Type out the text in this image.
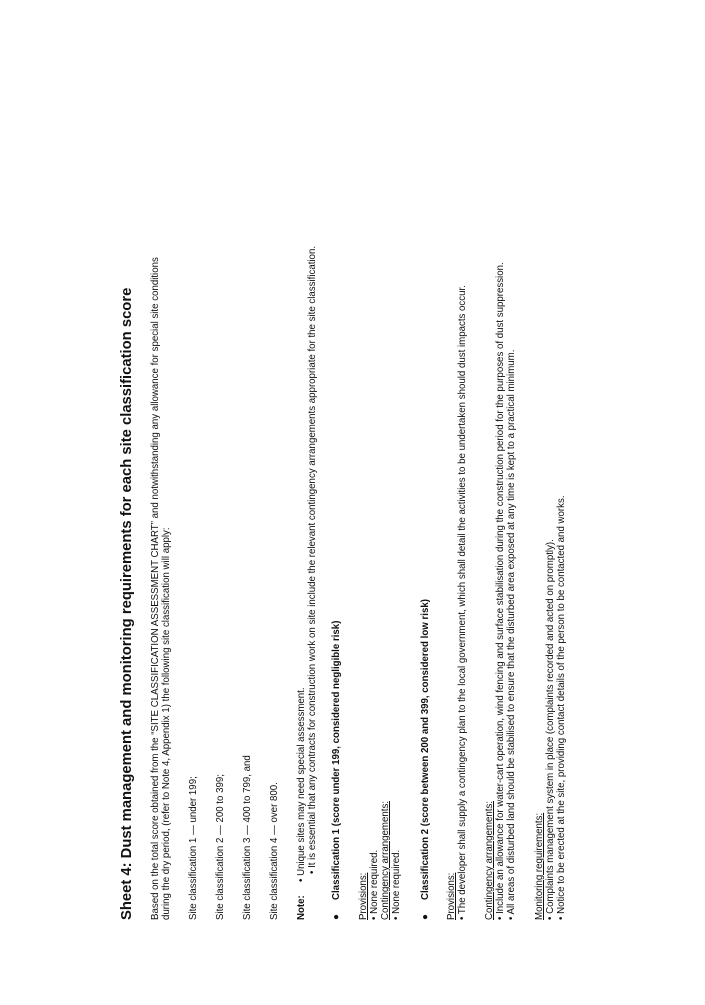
Sheet 4: Dust management and monitoring requirements for each site classification score Based on the total score obtained from the “SITE CLASSIFICATION ASSESSMENT CHART” and notwithstanding any allowance for special site conditions during the dry period, (refer to Note 4, Appendix 1) the following site classification will apply: Site classification 1 — under 199; Site classification 2 — 200 to 399; Site classification 3 — 400 to 799, and Site classification 4 — over 800. Note:
• Unique sites may need special assessment. • It is essential that any contracts for construction work on site include the relevant contingency arrangements appropriate for the site classification.
●
Classification 1 (score under 199, considered negligible risk) Provisions: • None required. Contingency arrangements: • None required. ●
Classification 2 (score between 200 and 399, considered low risk) Provisions: • The developer shall supply a contingency plan to the local government, which shall detail the activities to be undertaken should dust impacts occur. Contingency arrangements: • Include an allowance for water-cart operation, wind fencing and surface stabilisation during the construction period for the purposes of dust suppression. • All areas of disturbed land should be stabilised to ensure that the disturbed area exposed at any time is kept to a practical minimum. Monitoring requirements: • Complaints management system in place (complaints recorded and acted on promptly). • Notice to be erected at the site, providing contact details of the person to be contacted and works.
